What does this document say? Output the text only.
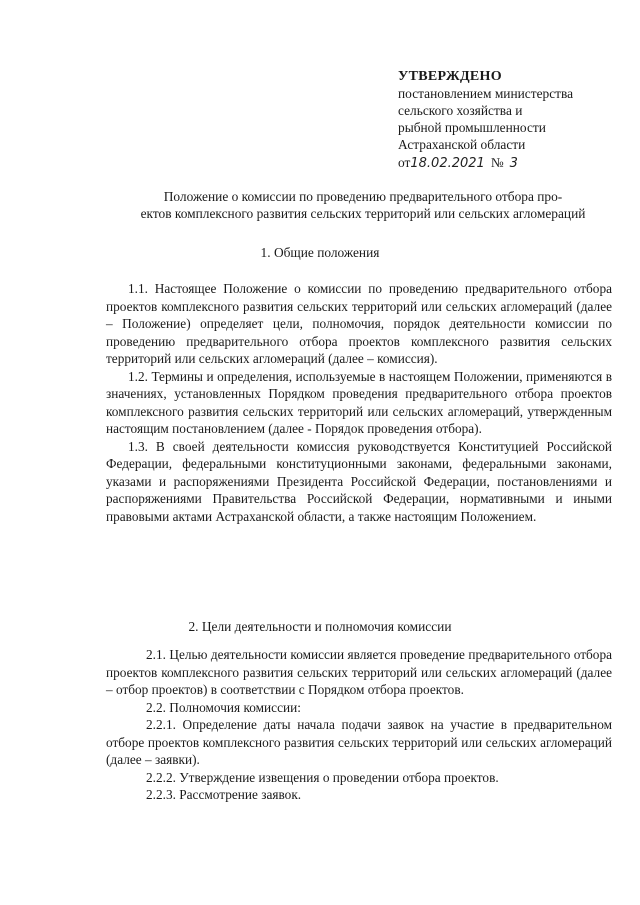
УТВЕРЖДЕНО
постановлением министерства
сельского хозяйства и
рыбной промышленности
Астраханской области
от18.02.2021 № 3
Положение о комиссии по проведению предварительного отбора про-
ектов комплексного развития сельских территорий или сельских агломераций
1. Общие положения

1.1. Настоящее Положение о комиссии по проведению предварительного отбора проектов комплексного развития сельских территорий или сельских агломераций (далее – Положение) определяет цели, полномочия, порядок деятельности комиссии по проведению предварительного отбора проектов комплексного развития сельских территорий или сельских агломераций (далее – комиссия).

1.2. Термины и определения, используемые в настоящем Положении, применяются в значениях, установленных Порядком проведения предварительного отбора проектов комплексного развития сельских территорий или сельских агломераций, утвержденным настоящим постановлением (далее - Порядок проведения отбора).

1.3. В своей деятельности комиссия руководствуется Конституцией Российской Федерации, федеральными конституционными законами, федеральными законами, указами и распоряжениями Президента Российской Федерации, постановлениями и распоряжениями Правительства Российской Федерации, нормативными и иными правовыми актами Астраханской области, а также настоящим Положением.

2. Цели деятельности и полномочия комиссии

2.1. Целью деятельности комиссии является проведение предварительного отбора проектов комплексного развития сельских территорий или сельских агломераций (далее – отбор проектов) в соответствии с Порядком отбора проектов.

2.2. Полномочия комиссии:

2.2.1. Определение даты начала подачи заявок на участие в предварительном отборе проектов комплексного развития сельских территорий или сельских агломераций (далее – заявки).

2.2.2. Утверждение извещения о проведении отбора проектов.

2.2.3. Рассмотрение заявок.
